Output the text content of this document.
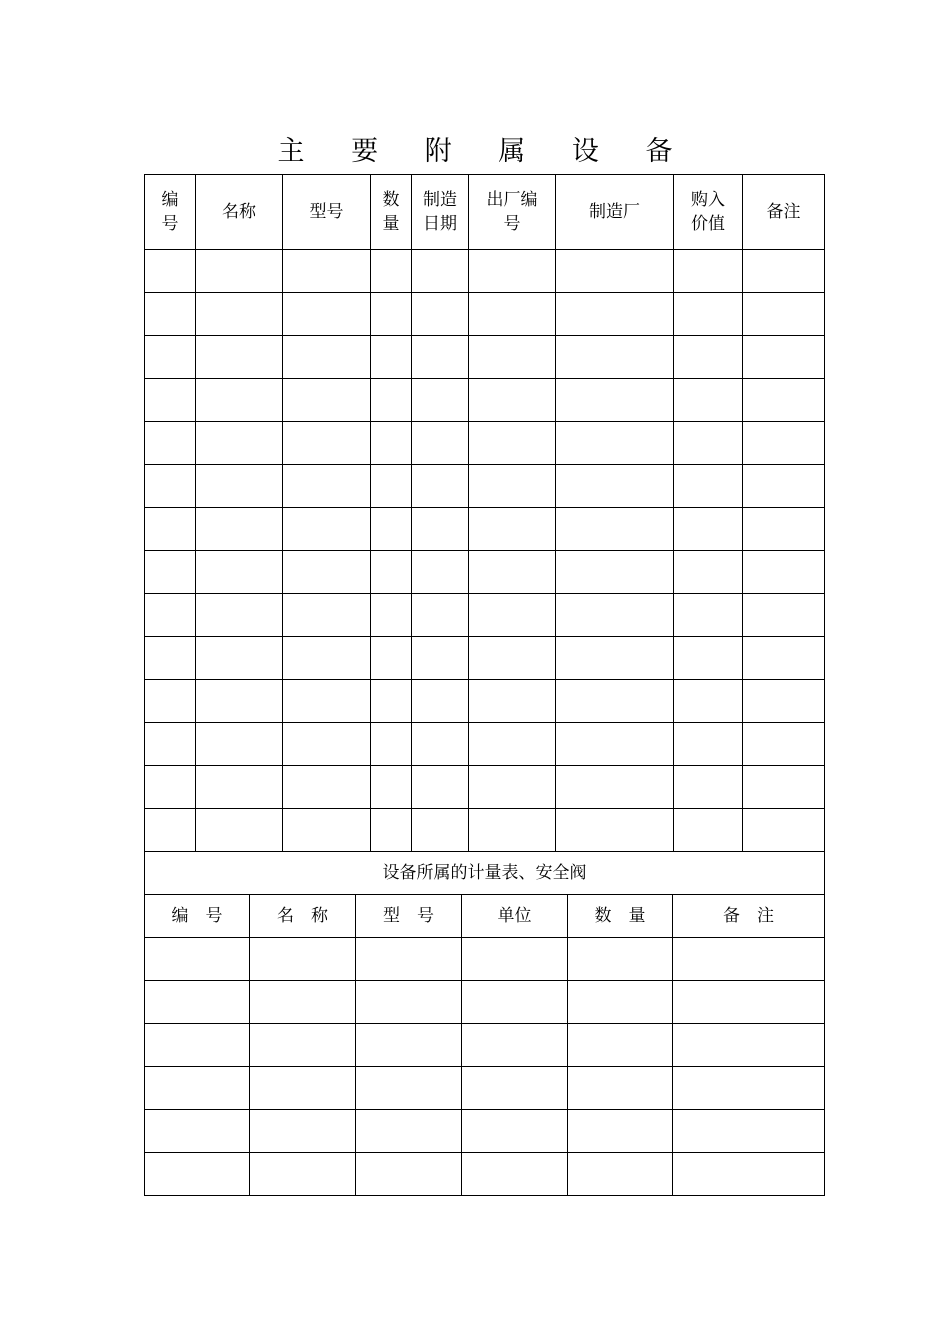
主 要 附 属 设 备
编号	名称	型号	数量	制造日期	出厂编号	制造厂	购入价值	备注

设备所属的计量表、安全阀					
编　号	名　称	型　号	单位	数　量	备　注
